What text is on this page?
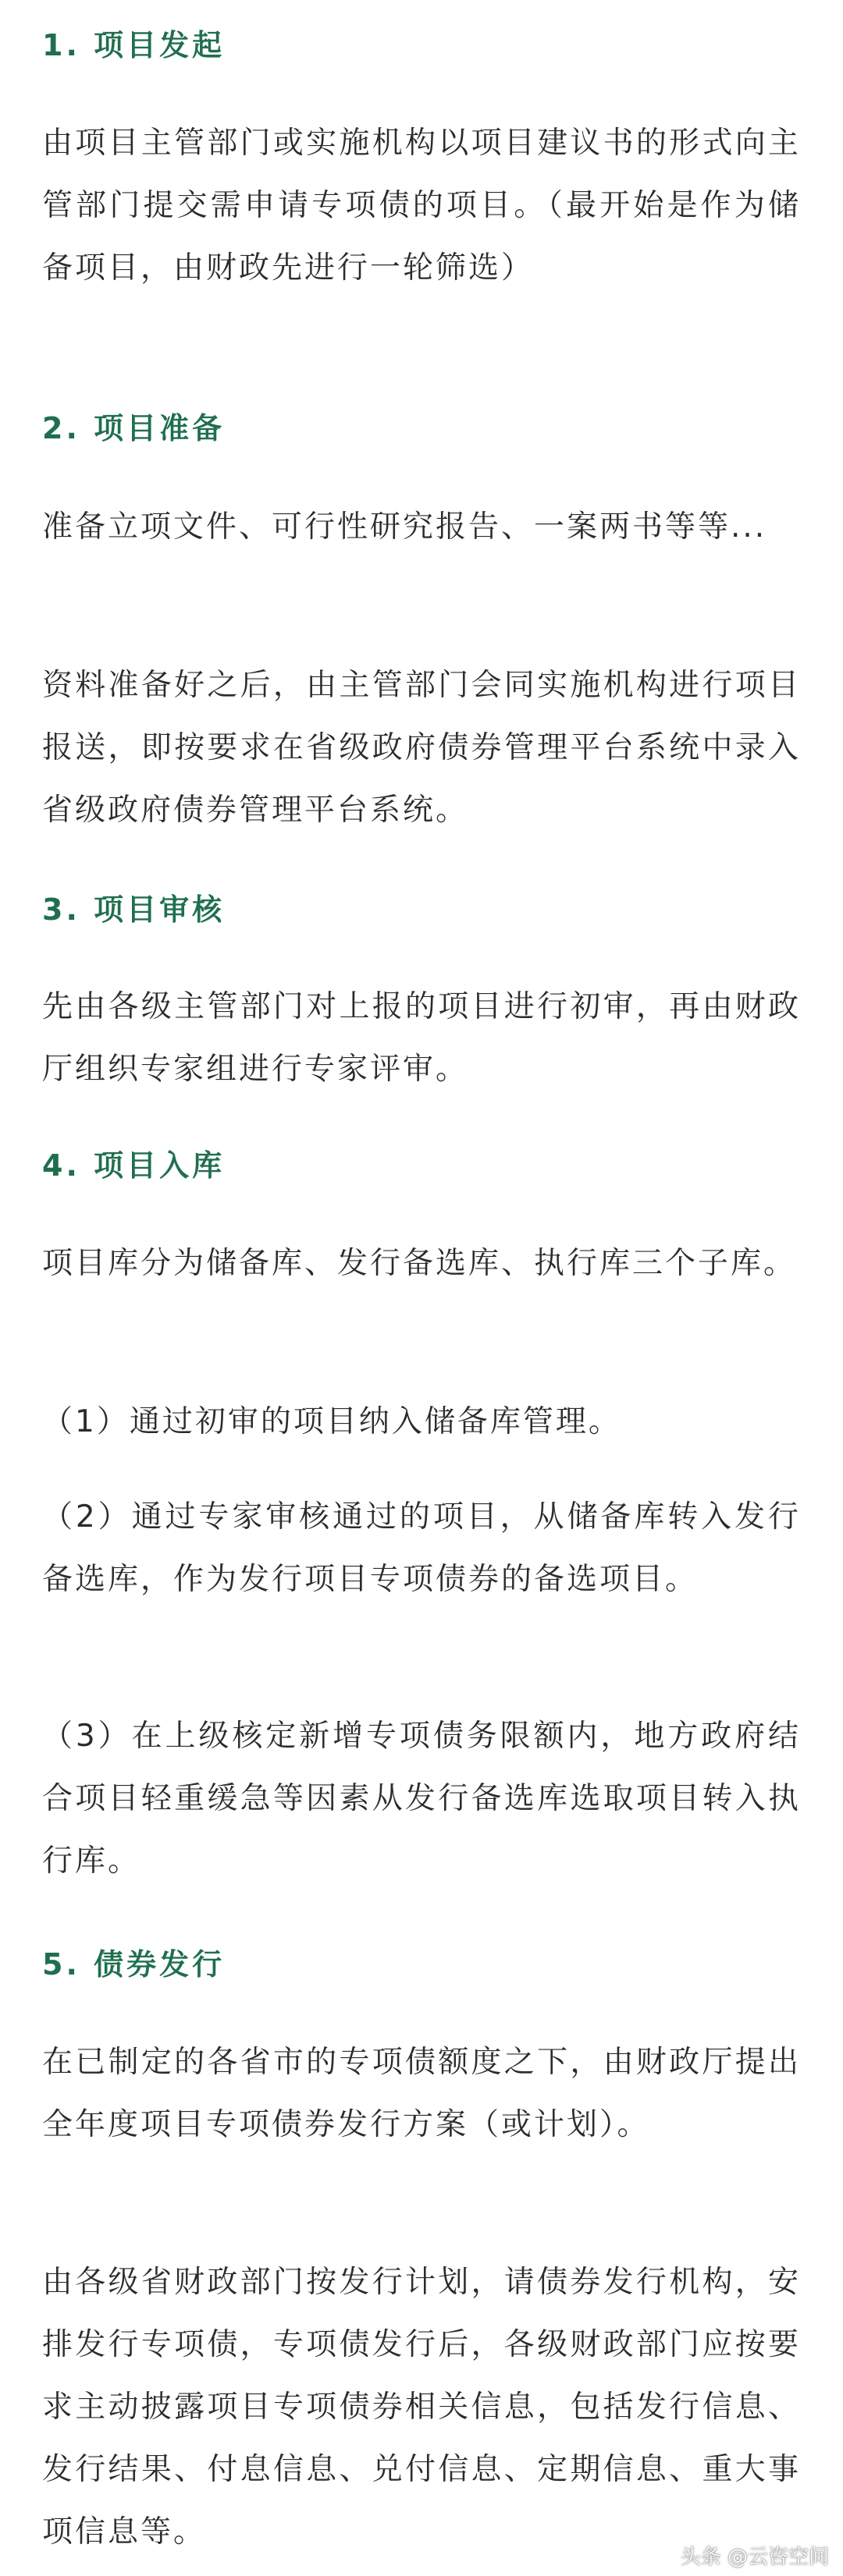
1. 项目发起
由项目主管部门或实施机构以项目建议书的形式向主管部门提交需申请专项债的项目。（最开始是作为储备项目，由财政先进行一轮筛选）
2. 项目准备
准备立项文件、可行性研究报告、一案两书等等...
资料准备好之后，由主管部门会同实施机构进行项目报送，即按要求在省级政府债券管理平台系统中录入省级政府债券管理平台系统。
3. 项目审核
先由各级主管部门对上报的项目进行初审，再由财政厅组织专家组进行专家评审。
4. 项目入库
项目库分为储备库、发行备选库、执行库三个子库。
（1）通过初审的项目纳入储备库管理。
（2）通过专家审核通过的项目，从储备库转入发行备选库，作为发行项目专项债券的备选项目。
（3）在上级核定新增专项债务限额内，地方政府结合项目轻重缓急等因素从发行备选库选取项目转入执行库。
5. 债券发行
在已制定的各省市的专项债额度之下，由财政厅提出全年度项目专项债券发行方案（或计划）。
由各级省财政部门按发行计划，请债券发行机构，安排发行专项债，专项债发行后，各级财政部门应按要求主动披露项目专项债券相关信息，包括发行信息、发行结果、付息信息、兑付信息、定期信息、重大事项信息等。
头条 @云咨空间
